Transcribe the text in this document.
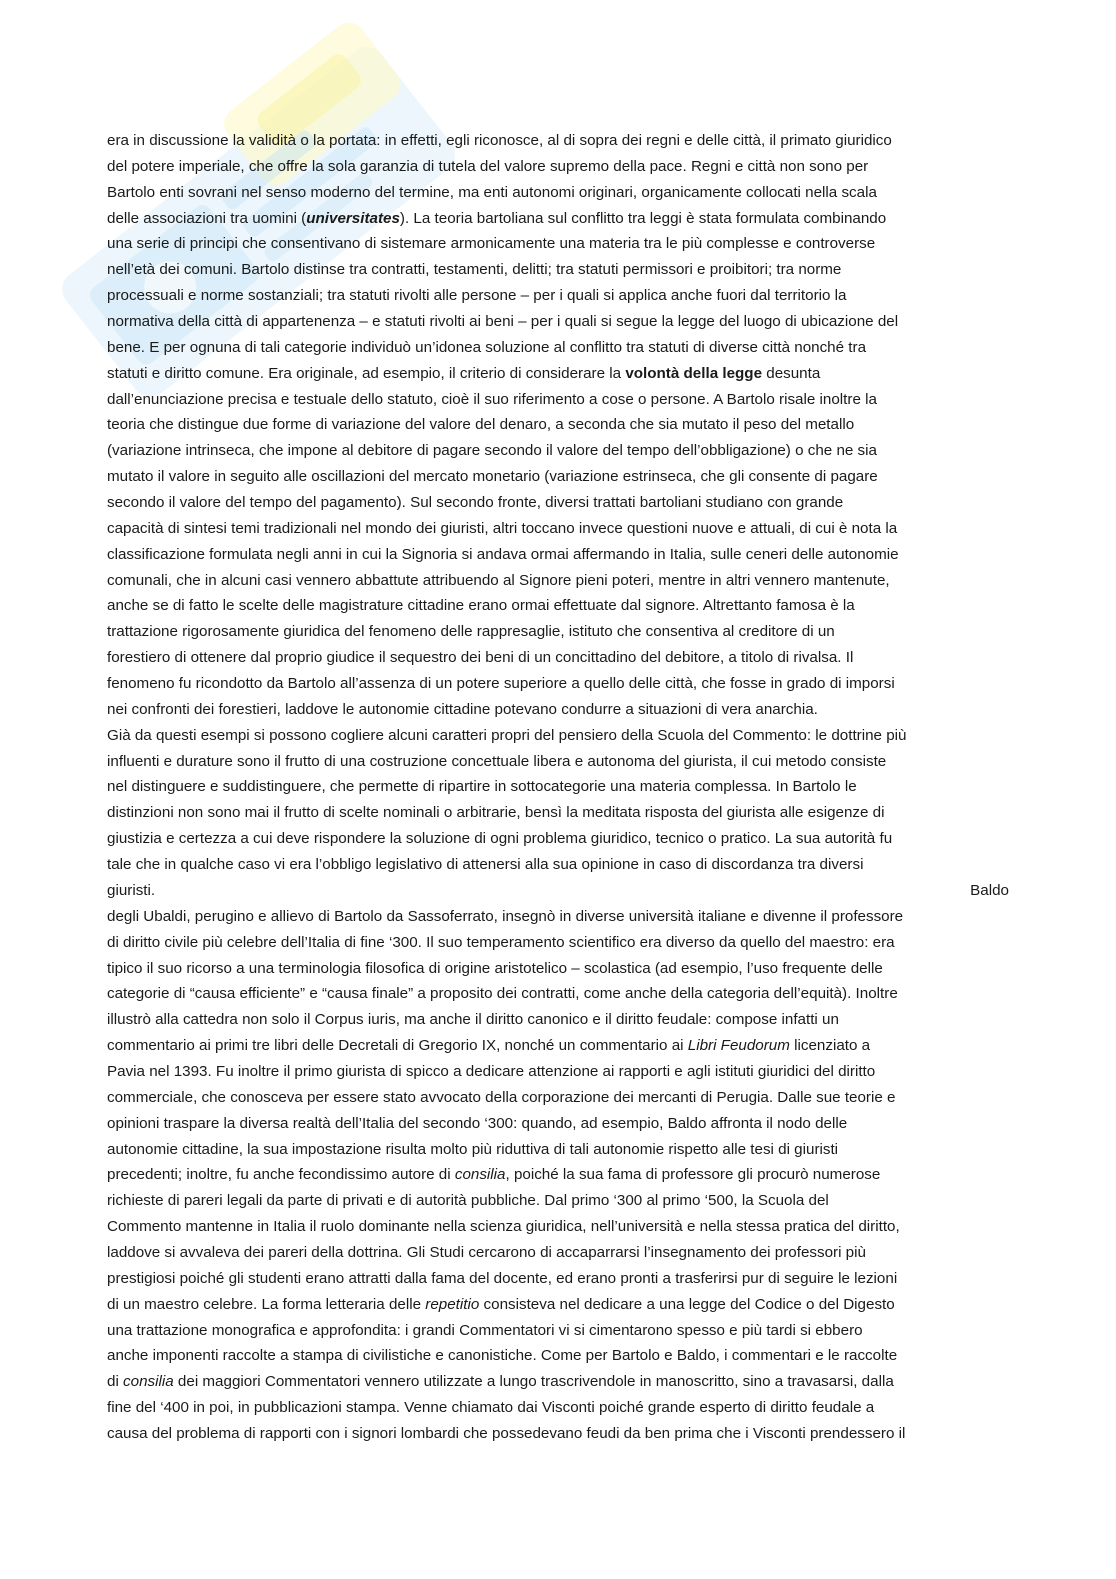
era in discussione la validità o la portata: in effetti, egli riconosce, al di sopra dei regni e delle città, il primato giuridico
del potere imperiale, che offre la sola garanzia di tutela del valore supremo della pace. Regni e città non sono per
Bartolo enti sovrani nel senso moderno del termine, ma enti autonomi originari, organicamente collocati nella scala
delle associazioni tra uomini (universitates). La teoria bartoliana sul conflitto tra leggi è stata formulata combinando
una serie di principi che consentivano di sistemare armonicamente una materia tra le più complesse e controverse
nell’età dei comuni. Bartolo distinse tra contratti, testamenti, delitti; tra statuti permissori e proibitori; tra norme
processuali e norme sostanziali; tra statuti rivolti alle persone – per i quali si applica anche fuori dal territorio la
normativa della città di appartenenza – e statuti rivolti ai beni – per i quali si segue la legge del luogo di ubicazione del
bene. E per ognuna di tali categorie individuò un’idonea soluzione al conflitto tra statuti di diverse città nonché tra
statuti e diritto comune. Era originale, ad esempio, il criterio di considerare la volontà della legge desunta
dall’enunciazione precisa e testuale dello statuto, cioè il suo riferimento a cose o persone. A Bartolo risale inoltre la
teoria che distingue due forme di variazione del valore del denaro, a seconda che sia mutato il peso del metallo
(variazione intrinseca, che impone al debitore di pagare secondo il valore del tempo dell’obbligazione) o che ne sia
mutato il valore in seguito alle oscillazioni del mercato monetario (variazione estrinseca, che gli consente di pagare
secondo il valore del tempo del pagamento). Sul secondo fronte, diversi trattati bartoliani studiano con grande
capacità di sintesi temi tradizionali nel mondo dei giuristi, altri toccano invece questioni nuove e attuali, di cui è nota la
classificazione formulata negli anni in cui la Signoria si andava ormai affermando in Italia, sulle ceneri delle autonomie
comunali, che in alcuni casi vennero abbattute attribuendo al Signore pieni poteri, mentre in altri vennero mantenute,
anche se di fatto le scelte delle magistrature cittadine erano ormai effettuate dal signore. Altrettanto famosa è la
trattazione rigorosamente giuridica del fenomeno delle rappresaglie, istituto che consentiva al creditore di un
forestiero di ottenere dal proprio giudice il sequestro dei beni di un concittadino del debitore, a titolo di rivalsa. Il
fenomeno fu ricondotto da Bartolo all’assenza di un potere superiore a quello delle città, che fosse in grado di imporsi
nei confronti dei forestieri, laddove le autonomie cittadine potevano condurre a situazioni di vera anarchia.
Già da questi esempi si possono cogliere alcuni caratteri propri del pensiero della Scuola del Commento: le dottrine più
influenti e durature sono il frutto di una costruzione concettuale libera e autonoma del giurista, il cui metodo consiste
nel distinguere e suddistinguere, che permette di ripartire in sottocategorie una materia complessa. In Bartolo le
distinzioni non sono mai il frutto di scelte nominali o arbitrarie, bensì la meditata risposta del giurista alle esigenze di
giustizia e certezza a cui deve rispondere la soluzione di ogni problema giuridico, tecnico o pratico. La sua autorità fu
tale che in qualche caso vi era l’obbligo legislativo di attenersi alla sua opinione in caso di discordanza tra diversi
giuristi.	Baldo
degli Ubaldi, perugino e allievo di Bartolo da Sassoferrato, insegnò in diverse università italiane e divenne il professore
di diritto civile più celebre dell’Italia di fine ‘300. Il suo temperamento scientifico era diverso da quello del maestro: era
tipico il suo ricorso a una terminologia filosofica di origine aristotelico – scolastica (ad esempio, l’uso frequente delle
categorie di “causa efficiente” e “causa finale” a proposito dei contratti, come anche della categoria dell’equità). Inoltre
illustrò alla cattedra non solo il Corpus iuris, ma anche il diritto canonico e il diritto feudale: compose infatti un
commentario ai primi tre libri delle Decretali di Gregorio IX, nonché un commentario ai Libri Feudorum licenziato a
Pavia nel 1393. Fu inoltre il primo giurista di spicco a dedicare attenzione ai rapporti e agli istituti giuridici del diritto
commerciale, che conosceva per essere stato avvocato della corporazione dei mercanti di Perugia. Dalle sue teorie e
opinioni traspare la diversa realtà dell’Italia del secondo ‘300: quando, ad esempio, Baldo affronta il nodo delle
autonomie cittadine, la sua impostazione risulta molto più riduttiva di tali autonomie rispetto alle tesi di giuristi
precedenti; inoltre, fu anche fecondissimo autore di consilia, poiché la sua fama di professore gli procurò numerose
richieste di pareri legali da parte di privati e di autorità pubbliche. Dal primo ‘300 al primo ‘500, la Scuola del
Commento mantenne in Italia il ruolo dominante nella scienza giuridica, nell’università e nella stessa pratica del diritto,
laddove si avvaleva dei pareri della dottrina. Gli Studi cercarono di accaparrarsi l’insegnamento dei professori più
prestigiosi poiché gli studenti erano attratti dalla fama del docente, ed erano pronti a trasferirsi pur di seguire le lezioni
di un maestro celebre. La forma letteraria delle repetitio consisteva nel dedicare a una legge del Codice o del Digesto
una trattazione monografica e approfondita: i grandi Commentatori vi si cimentarono spesso e più tardi si ebbero
anche imponenti raccolte a stampa di civilistiche e canonistiche. Come per Bartolo e Baldo, i commentari e le raccolte
di consilia dei maggiori Commentatori vennero utilizzate a lungo trascrivendole in manoscritto, sino a travasarsi, dalla
fine del ‘400 in poi, in pubblicazioni stampa. Venne chiamato dai Visconti poiché grande esperto di diritto feudale a
causa del problema di rapporti con i signori lombardi che possedevano feudi da ben prima che i Visconti prendessero il
